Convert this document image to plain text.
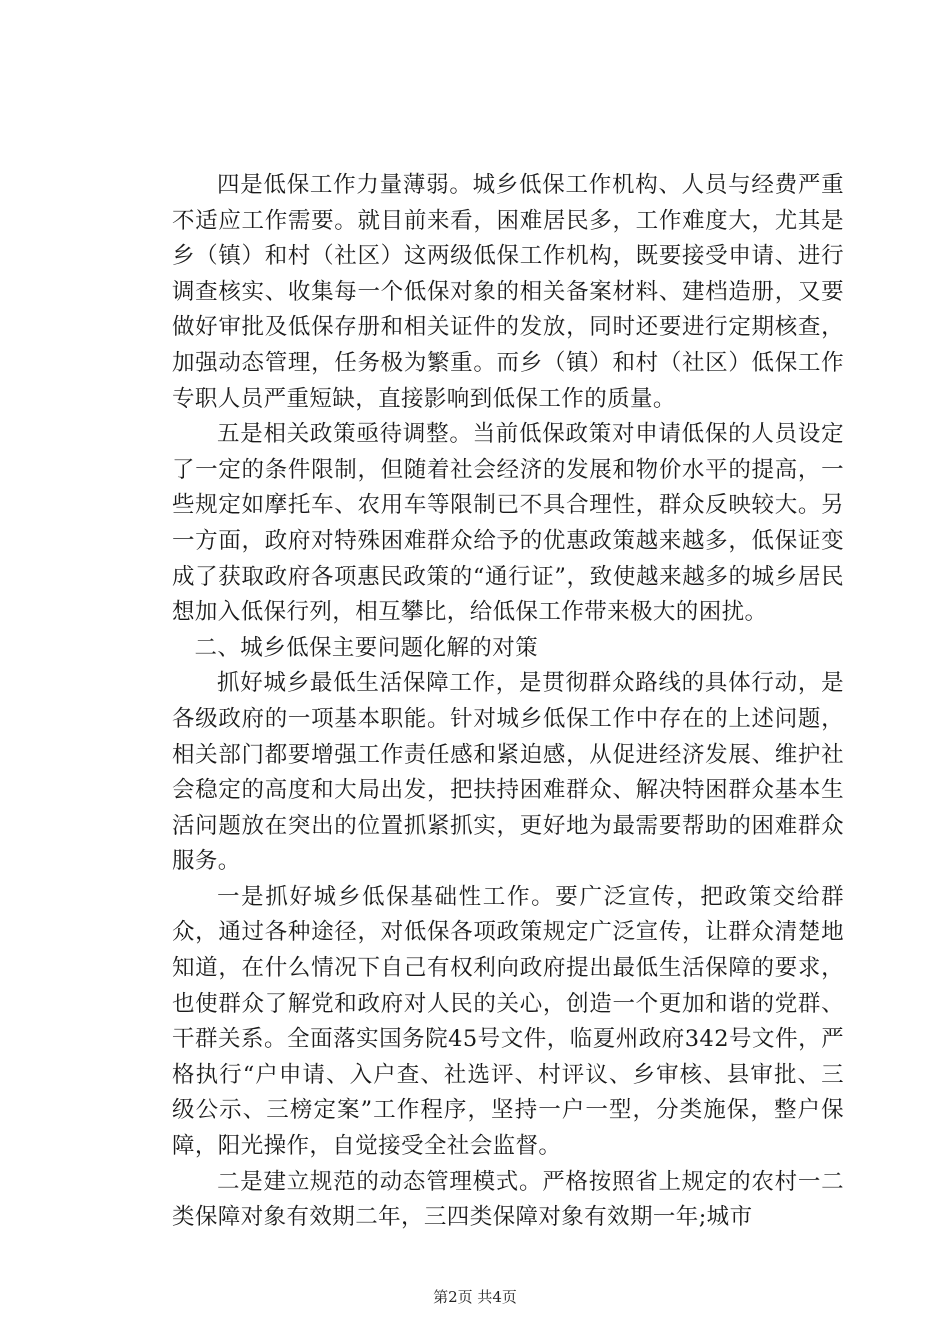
四是低保工作力量薄弱。城乡低保工作机构、人员与经费严重不适应工作需要。就目前来看，困难居民多，工作难度大，尤其是乡（镇）和村（社区）这两级低保工作机构，既要接受申请、进行调查核实、收集每一个低保对象的相关备案材料、建档造册，又要做好审批及低保存册和相关证件的发放，同时还要进行定期核查，加强动态管理，任务极为繁重。而乡（镇）和村（社区）低保工作专职人员严重短缺，直接影响到低保工作的质量。

五是相关政策亟待调整。当前低保政策对申请低保的人员设定了一定的条件限制，但随着社会经济的发展和物价水平的提高，一些规定如摩托车、农用车等限制已不具合理性，群众反映较大。另一方面，政府对特殊困难群众给予的优惠政策越来越多，低保证变成了获取政府各项惠民政策的“通行证”，致使越来越多的城乡居民想加入低保行列，相互攀比，给低保工作带来极大的困扰。

二、城乡低保主要问题化解的对策

抓好城乡最低生活保障工作，是贯彻群众路线的具体行动，是各级政府的一项基本职能。针对城乡低保工作中存在的上述问题，相关部门都要增强工作责任感和紧迫感，从促进经济发展、维护社会稳定的高度和大局出发，把扶持困难群众、解决特困群众基本生活问题放在突出的位置抓紧抓实，更好地为最需要帮助的困难群众服务。

一是抓好城乡低保基础性工作。要广泛宣传，把政策交给群众，通过各种途径，对低保各项政策规定广泛宣传，让群众清楚地知道，在什么情况下自己有权利向政府提出最低生活保障的要求，也使群众了解党和政府对人民的关心，创造一个更加和谐的党群、干群关系。全面落实国务院45号文件，临夏州政府342号文件，严格执行“户申请、入户查、社选评、村评议、乡审核、县审批、三级公示、三榜定案”工作程序，坚持一户一型，分类施保，整户保障，阳光操作，自觉接受全社会监督。

二是建立规范的动态管理模式。严格按照省上规定的农村一二类保障对象有效期二年，三四类保障对象有效期一年;城市

第2页 共4页
